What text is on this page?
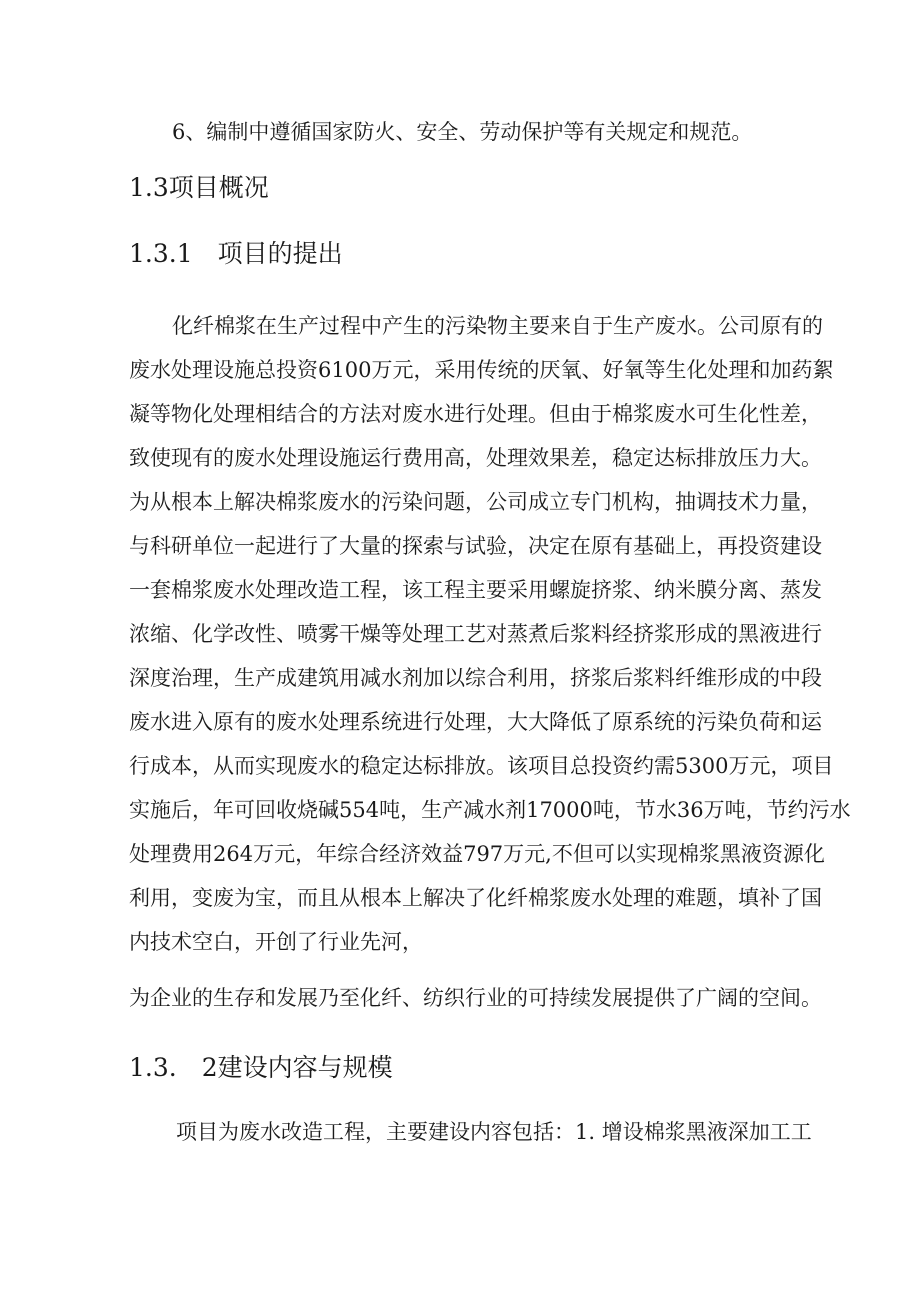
6、编制中遵循国家防火、安全、劳动保护等有关规定和规范。
1.3项目概况
1.3.1　项目的提出
化纤棉浆在生产过程中产生的污染物主要来自于生产废水。公司原有的
废水处理设施总投资6100万元，采用传统的厌氧、好氧等生化处理和加药絮
凝等物化处理相结合的方法对废水进行处理。但由于棉浆废水可生化性差，
致使现有的废水处理设施运行费用高，处理效果差，稳定达标排放压力大。
为从根本上解决棉浆废水的污染问题，公司成立专门机构，抽调技术力量，
与科研单位一起进行了大量的探索与试验，决定在原有基础上，再投资建设
一套棉浆废水处理改造工程，该工程主要采用螺旋挤浆、纳米膜分离、蒸发
浓缩、化学改性、喷雾干燥等处理工艺对蒸煮后浆料经挤浆形成的黑液进行
深度治理，生产成建筑用减水剂加以综合利用，挤浆后浆料纤维形成的中段
废水进入原有的废水处理系统进行处理，大大降低了原系统的污染负荷和运
行成本，从而实现废水的稳定达标排放。该项目总投资约需5300万元，项目
实施后，年可回收烧碱554吨，生产减水剂17000吨，节水36万吨，节约污水
处理费用264万元，年综合经济效益797万元,不但可以实现棉浆黑液资源化
利用，变废为宝，而且从根本上解决了化纤棉浆废水处理的难题，填补了国
内技术空白，开创了行业先河，
为企业的生存和发展乃至化纤、纺织行业的可持续发展提供了广阔的空间。
1.3.　2建设内容与规模
项目为废水改造工程，主要建设内容包括：1. 增设棉浆黑液深加工工
